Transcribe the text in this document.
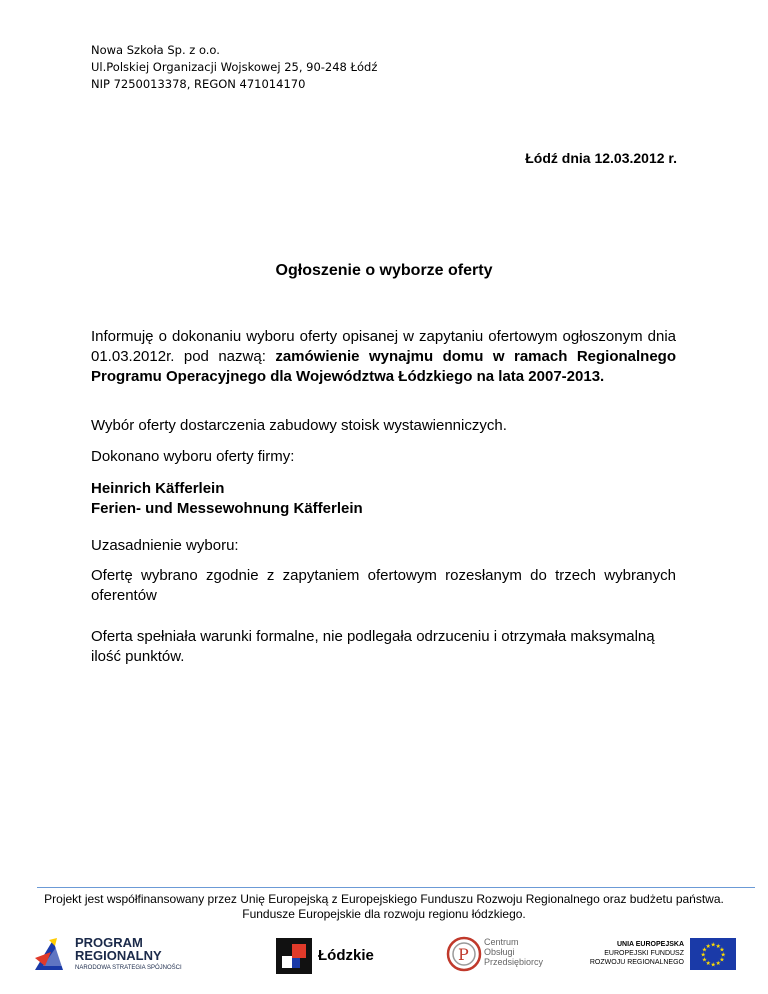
Nowa Szkoła Sp. z o.o.
Ul.Polskiej Organizacji Wojskowej 25, 90-248 Łódź
NIP 7250013378, REGON 471014170
Łódź dnia 12.03.2012 r.
Ogłoszenie o wyborze oferty
Informuję o dokonaniu wyboru oferty opisanej w zapytaniu ofertowym ogłoszonym dnia 01.03.2012r. pod nazwą: zamówienie wynajmu domu w ramach Regionalnego Programu Operacyjnego dla Województwa Łódzkiego na lata 2007-2013.
Wybór oferty dostarczenia zabudowy stoisk wystawienniczych.
Dokonano wyboru oferty firmy:
Heinrich Käfferlein
Ferien- und Messewohnung Käfferlein
Uzasadnienie wyboru:
Ofertę wybrano zgodnie z zapytaniem ofertowym rozesłanym do trzech wybranych oferentów
Oferta spełniała warunki formalne, nie podlegała odrzuceniu i otrzymała maksymalną ilość punktów.
Projekt jest współfinansowany przez Unię Europejską z Europejskiego Funduszu Rozwoju Regionalnego oraz budżetu państwa.
Fundusze Europejskie dla rozwoju regionu łódzkiego.
PROGRAM
REGIONALNY
NARODOWA STRATEGIA SPÓJNOŚCI
Łódzkie	P
Centrum
Obsługi
Przedsiębiorcy
UNIA EUROPEJSKA
EUROPEJSKI FUNDUSZ
ROZWOJU REGIONALNEGO
★
★
★
★
★
★
★
★
★ ★ ★
★
